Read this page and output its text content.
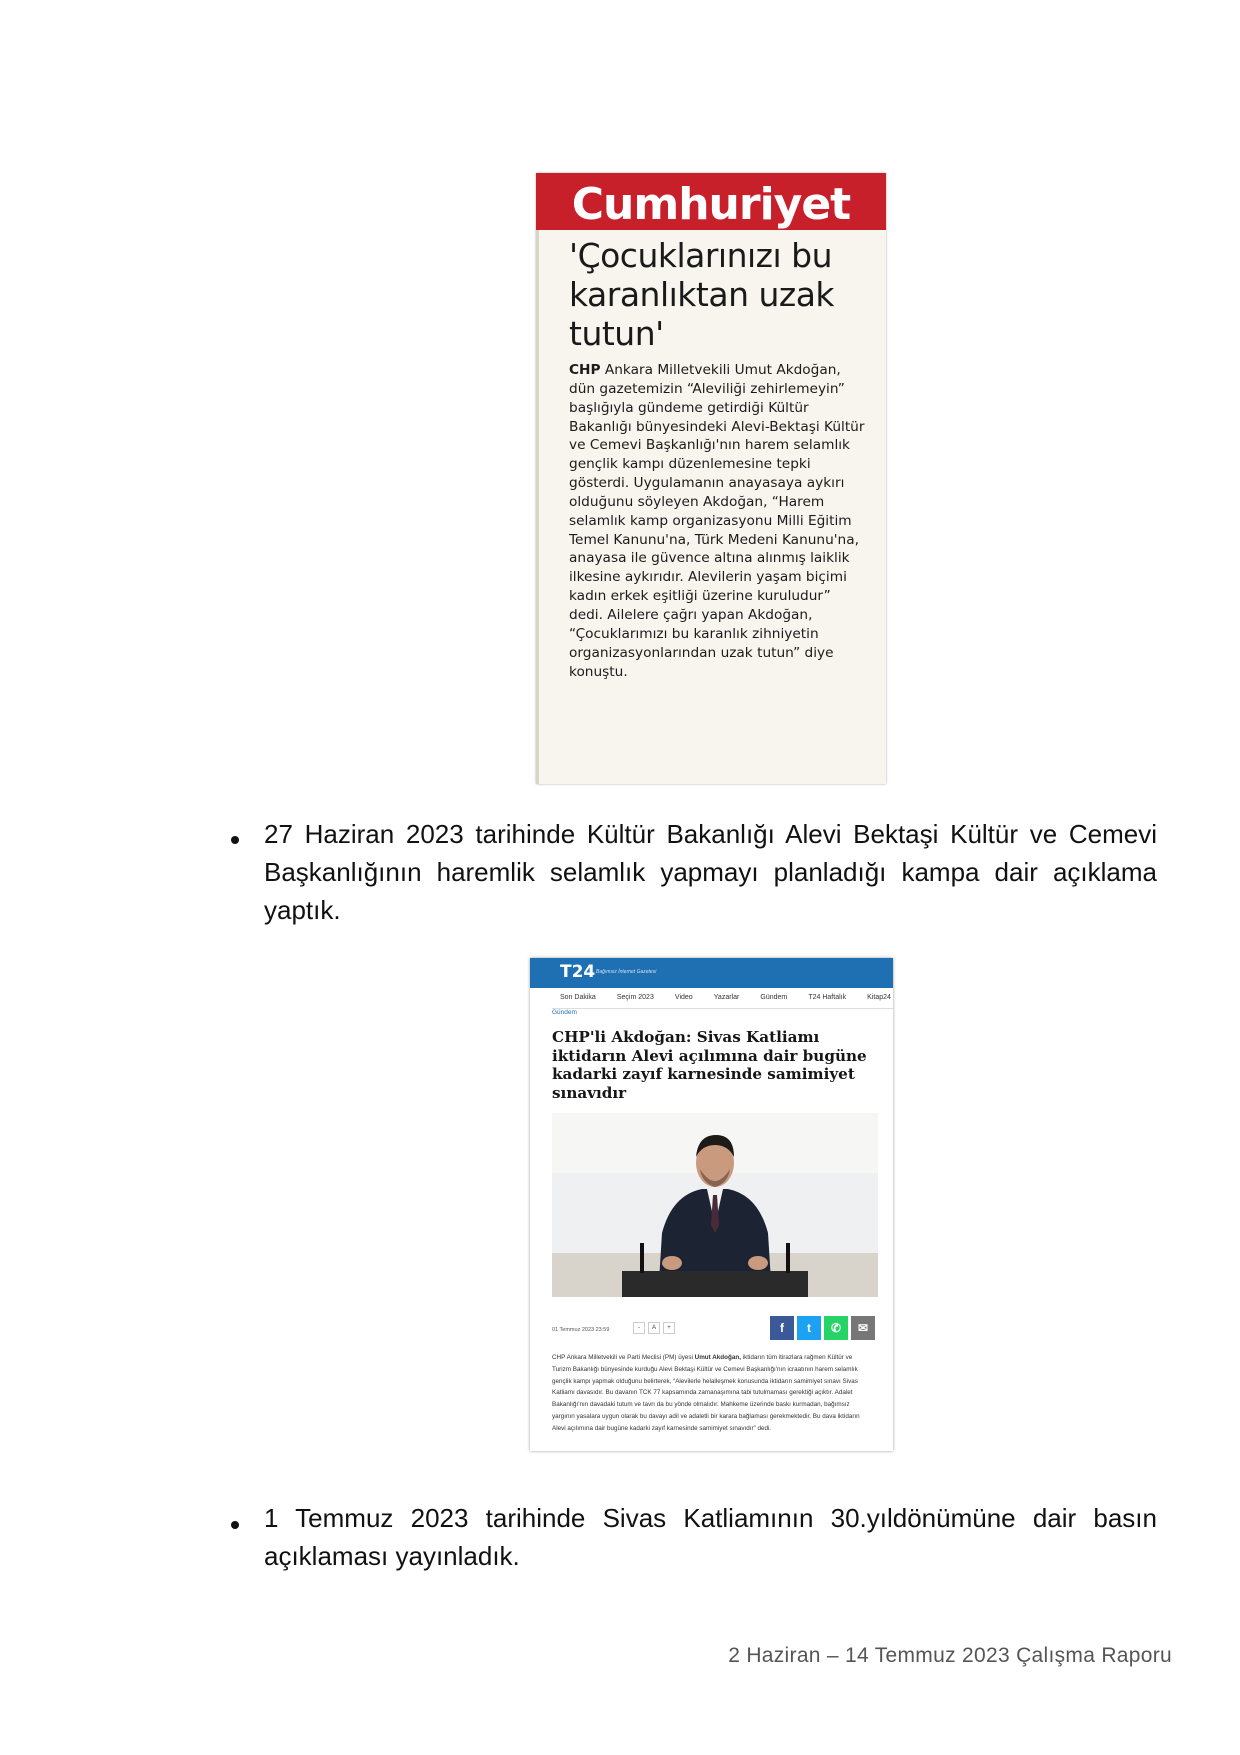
Cumhuriyet
'Çocuklarınızı bu karanlıktan uzak tutun'
CHP Ankara Milletvekili Umut Akdoğan, dün gazetemizin “Aleviliği zehirlemeyin” başlığıyla gündeme getirdiği Kültür Bakanlığı bünyesindeki Alevi-Bektaşi Kültür ve Cemevi Başkanlığı'nın harem selamlık gençlik kampı düzenlemesine tepki gösterdi. Uygulamanın anayasaya aykırı olduğunu söyleyen Akdoğan, “Harem selamlık kamp organizasyonu Milli Eğitim Temel Kanunu'na, Türk Medeni Kanunu'na, anayasa ile güvence altına alınmış laiklik ilkesine aykırıdır. Alevilerin yaşam biçimi kadın erkek eşitliği üzerine kuruludur” dedi. Ailelere çağrı yapan Akdoğan, “Çocuklarımızı bu karanlık zihniyetin organizasyonlarından uzak tutun” diye konuştu.
27 Haziran 2023 tarihinde Kültür Bakanlığı Alevi Bektaşi Kültür ve Cemevi Başkanlığının haremlik selamlık yapmayı planladığı kampa dair açıklama yaptık.
T24 Bağımsız İnternet Gazetesi
Son Dakika	Seçim 2023	Video	Yazarlar	Gündem	T24 Haftalık	Kitap24
Gündem
CHP'li Akdoğan: Sivas Katliamı iktidarın Alevi açılımına dair bugüne kadarki zayıf karnesinde samimiyet sınavıdır
01 Temmuz 2023 23:59	-	A	+	f	t	✆	✉
CHP Ankara Milletvekili ve Parti Meclisi (PM) üyesi Umut Akdoğan, iktidarın tüm itirazlara rağmen Kültür ve Turizm Bakanlığı bünyesinde kurduğu Alevi Bektaşi Kültür ve Cemevi Başkanlığı'nın icraatının harem selamlık gençlik kampı yapmak olduğunu belirterek, “Alevilerle helalleşmek konusunda iktidarın samimiyet sınavı Sivas Katliamı davasıdır. Bu davanın TCK 77 kapsamında zamanaşımına tabi tutulmaması gerektiği açıktır. Adalet Bakanlığı'nın davadaki tutum ve tavrı da bu yönde olmalıdır. Mahkeme üzerinde baskı kurmadan, bağımsız yargının yasalara uygun olarak bu davayı adil ve adaletli bir karara bağlaması gerekmektedir. Bu dava iktidarın Alevi açılımına dair bugüne kadarki zayıf karnesinde samimiyet sınavıdır” dedi.
1 Temmuz 2023 tarihinde Sivas Katliamının 30.yıldönümüne dair basın açıklaması yayınladık.
2 Haziran – 14 Temmuz 2023 Çalışma Raporu
